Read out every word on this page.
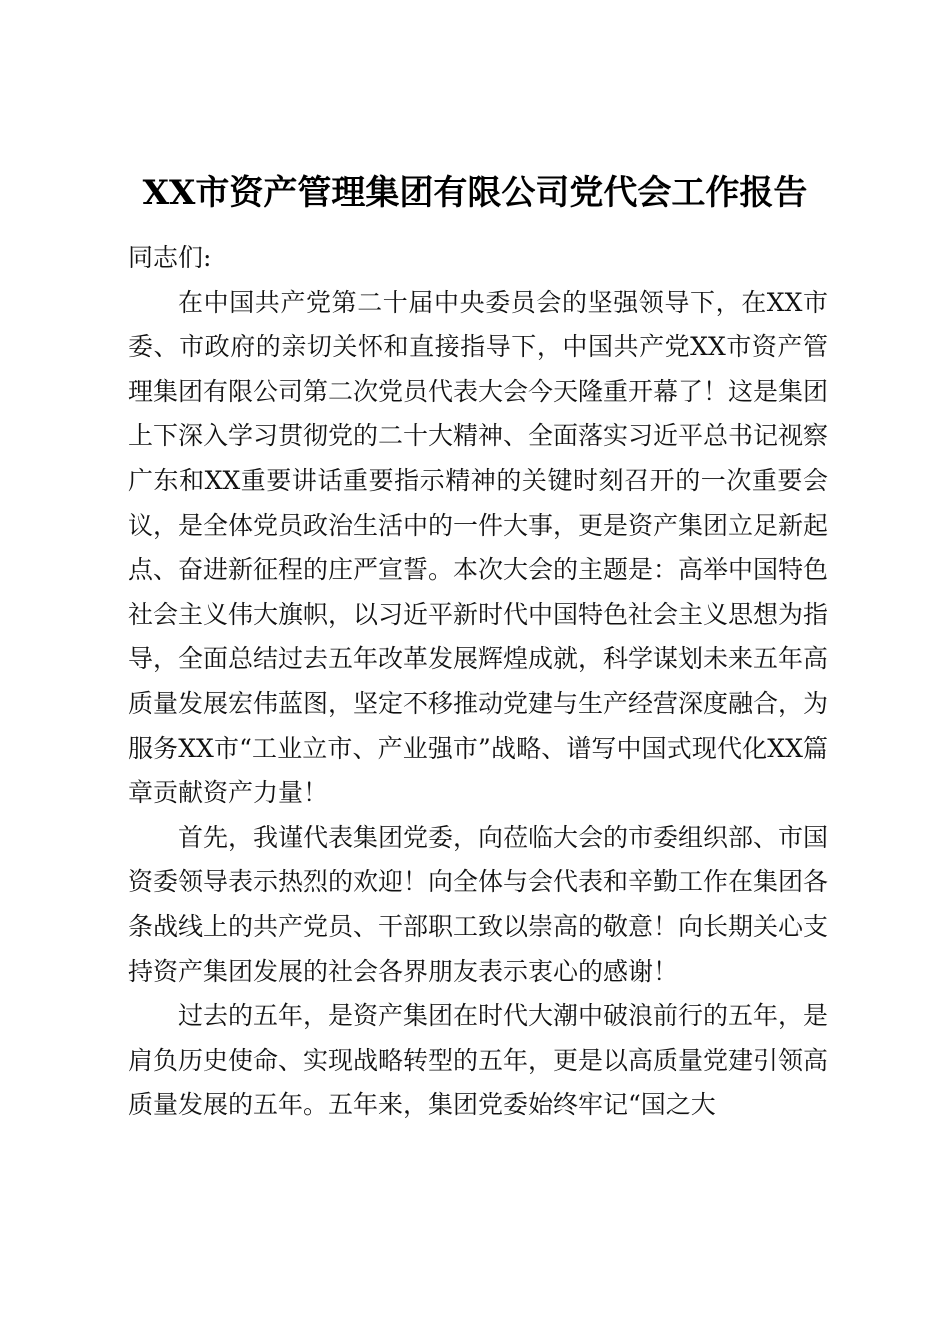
XX市资产管理集团有限公司党代会工作报告

同志们:

在中国共产党第二十届中央委员会的坚强领导下，在XX市委、市政府的亲切关怀和直接指导下，中国共产党XX市资产管理集团有限公司第二次党员代表大会今天隆重开幕了！这是集团上下深入学习贯彻党的二十大精神、全面落实习近平总书记视察广东和XX重要讲话重要指示精神的关键时刻召开的一次重要会议，是全体党员政治生活中的一件大事，更是资产集团立足新起点、奋进新征程的庄严宣誓。本次大会的主题是：高举中国特色社会主义伟大旗帜，以习近平新时代中国特色社会主义思想为指导，全面总结过去五年改革发展辉煌成就，科学谋划未来五年高质量发展宏伟蓝图，坚定不移推动党建与生产经营深度融合，为服务XX市“工业立市、产业强市”战略、谱写中国式现代化XX篇章贡献资产力量！

首先，我谨代表集团党委，向莅临大会的市委组织部、市国资委领导表示热烈的欢迎！向全体与会代表和辛勤工作在集团各条战线上的共产党员、干部职工致以崇高的敬意！向长期关心支持资产集团发展的社会各界朋友表示衷心的感谢！

过去的五年，是资产集团在时代大潮中破浪前行的五年，是肩负历史使命、实现战略转型的五年，更是以高质量党建引领高质量发展的五年。五年来，集团党委始终牢记“国之大
